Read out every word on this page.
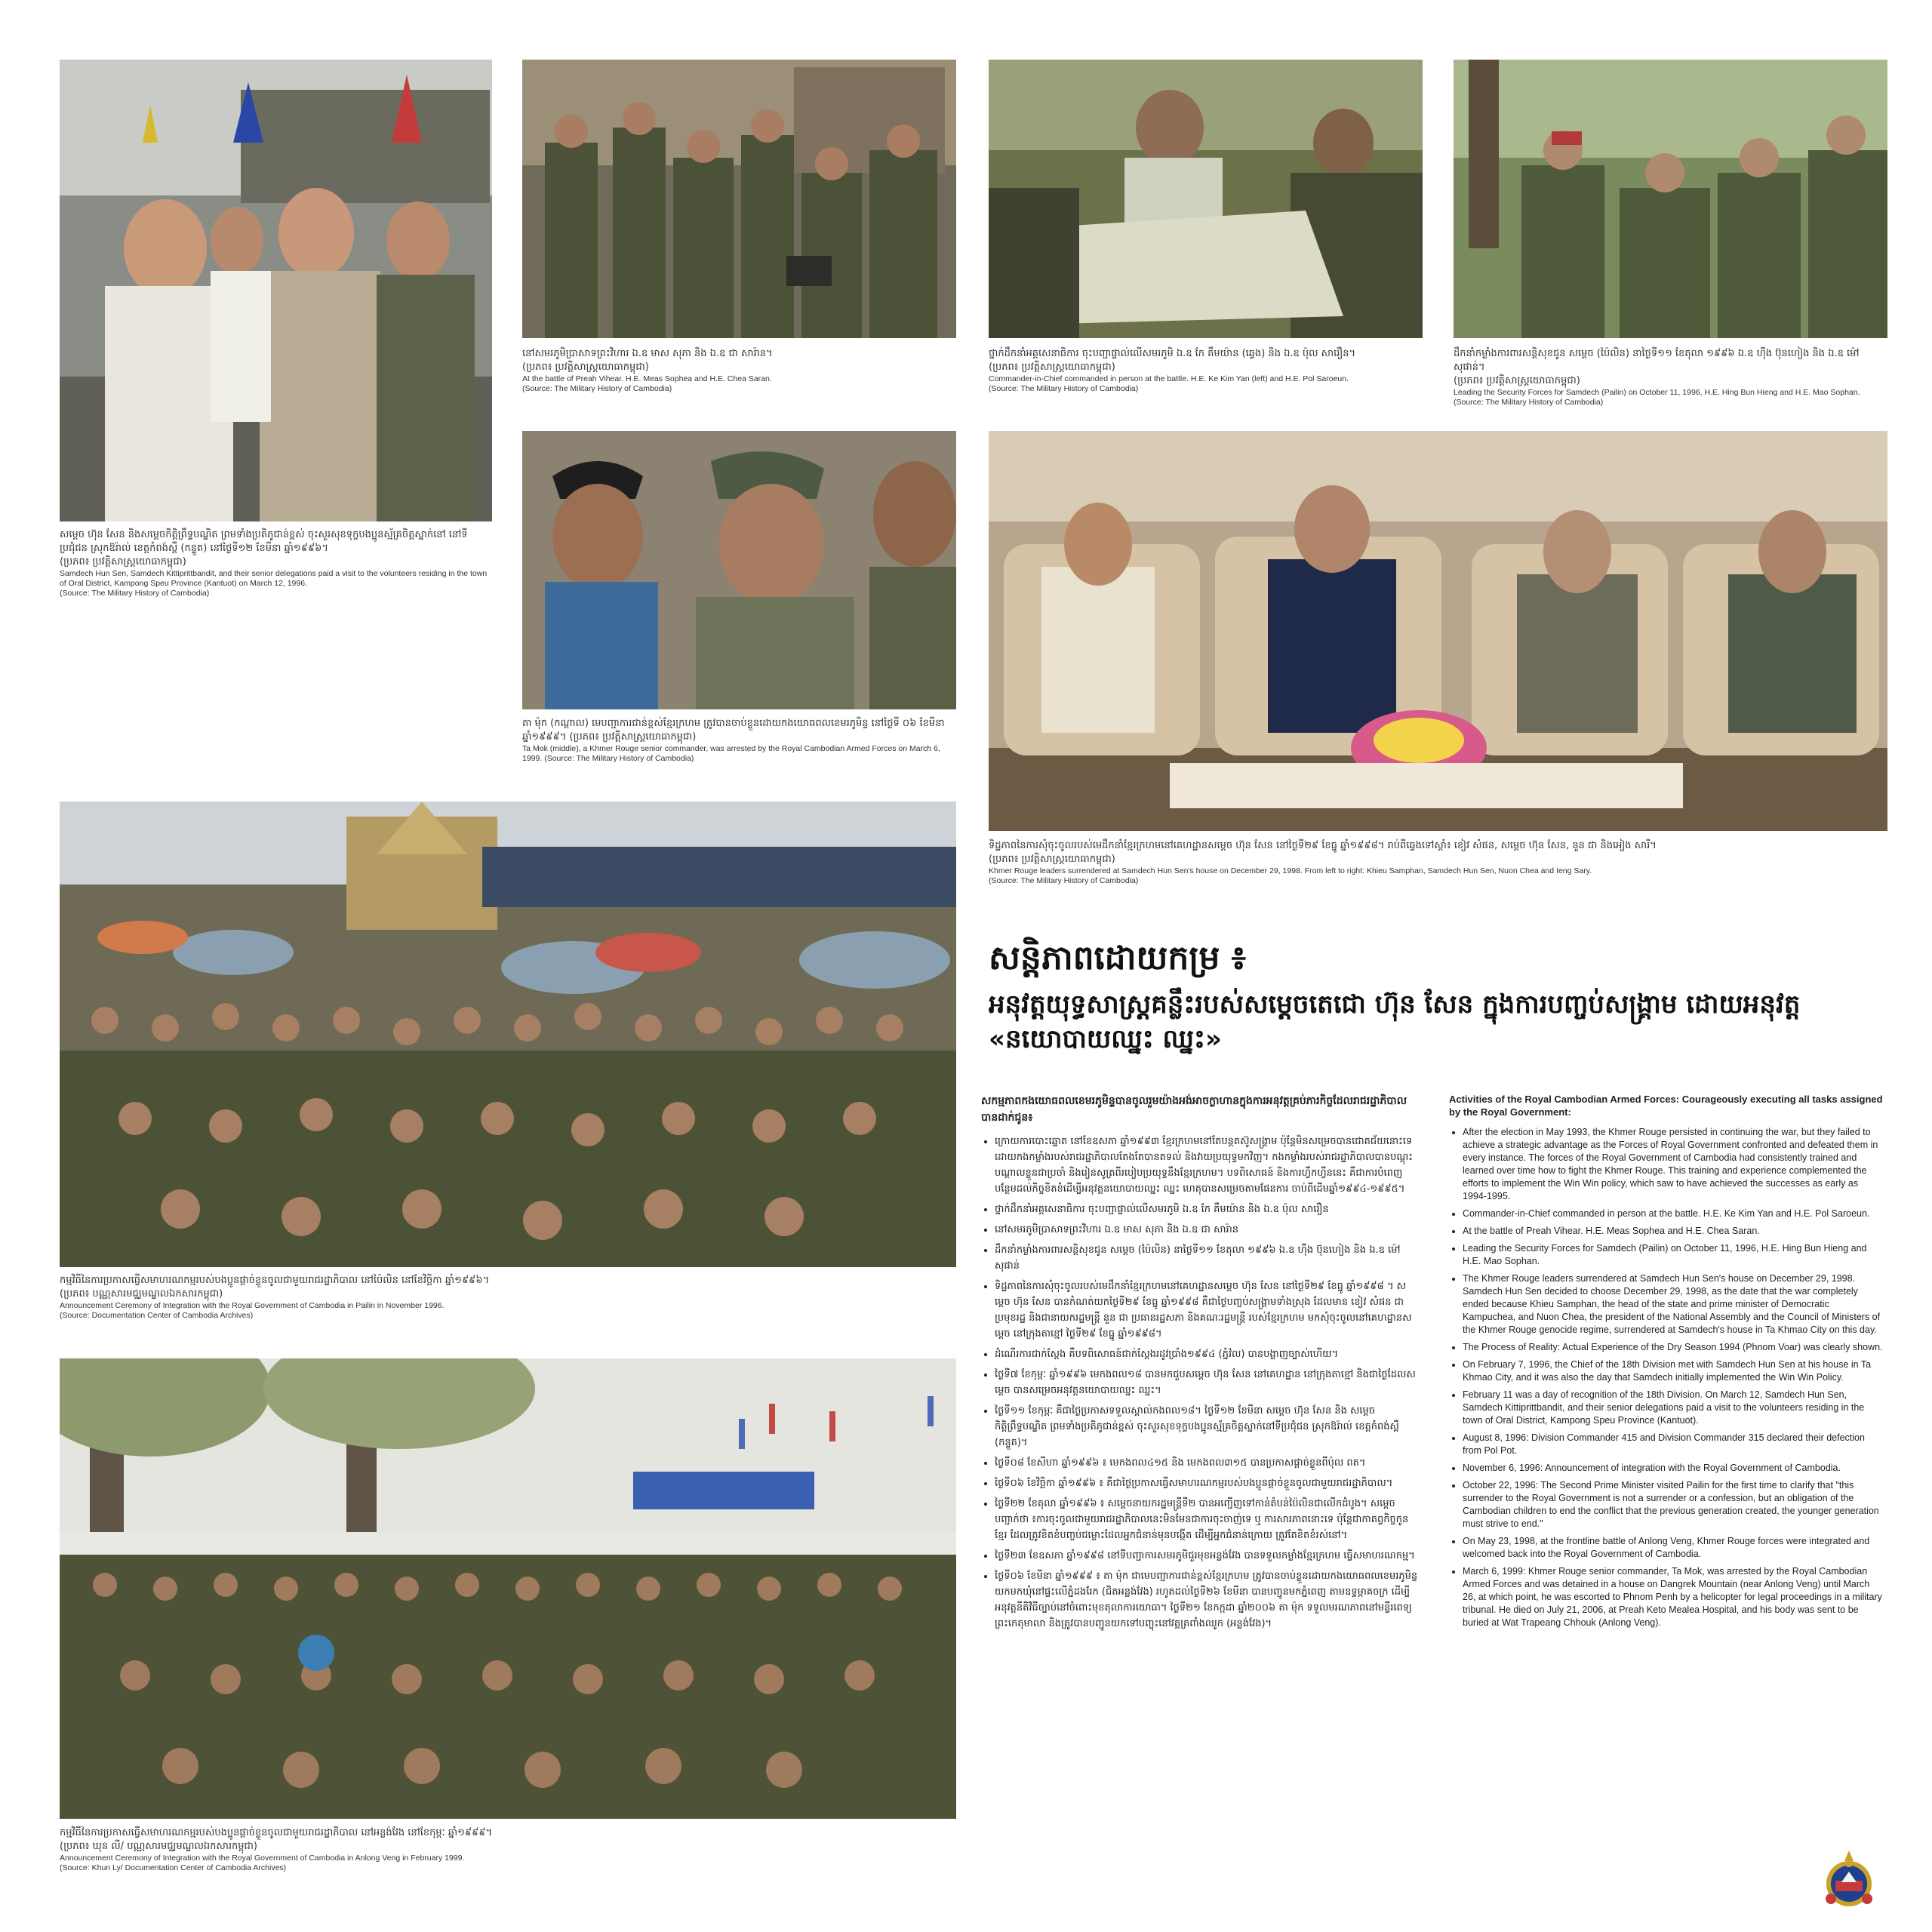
សម្តេច ហ៊ុន សែន និងសម្តេចកិត្តិព្រឹទ្ធបណ្ឌិត ព្រមទាំងប្រតិភូជាន់ខ្ពស់ ចុះសួរសុខទុក្ខបងប្អូនស្ម័គ្រចិត្តស្នាក់នៅ នៅទីប្រជុំជន ស្រុកឱរ៉ាល់ ខេត្តកំពង់ស្ពឺ (កន្ទួត) នៅថ្ងៃទី១២ ខែមីនា ឆ្នាំ១៩៩៦។
(ប្រភព៖ ប្រវត្តិសាស្ត្រយោធាកម្ពុជា)
Samdech Hun Sen, Samdech Kittiprittbandit, and their senior delegations paid a visit to the volunteers residing in the town of Oral District, Kampong Speu Province (Kantuot) on March 12, 1996.
(Source: The Military History of Cambodia)
នៅសមរភូមិប្រាសាទព្រះវិហារ ឯ.ឧ មាស សុភា និង ឯ.ឧ ជា សារ៉ាន។
(ប្រភព៖ ប្រវត្តិសាស្ត្រយោធាកម្ពុជា)
At the battle of Preah Vihear. H.E. Meas Sophea and H.E. Chea Saran.
(Source: The Military History of Cambodia)
ថ្នាក់ដឹកនាំអគ្គសេនាធិការ ចុះបញ្ជាផ្ទាល់លើសមរភូមិ ឯ.ឧ កែ គឹមយ៉ាន (ឆ្វេង) និង ឯ.ឧ ប៉ុល សារឿន។
(ប្រភព៖ ប្រវត្តិសាស្ត្រយោធាកម្ពុជា)
Commander-in-Chief commanded in person at the battle. H.E. Ke Kim Yan (left) and H.E. Pol Saroeun.
(Source: The Military History of Cambodia)
ដឹកនាំកម្លាំងការពារសន្តិសុខជូន សម្តេច (ប៉ៃលិន) នាថ្ងៃទី១១ ខែតុលា ១៩៩៦ ឯ.ឧ ហ៊ីង ប៊ុនហៀង និង ឯ.ឧ ម៉ៅ សុផាន់។
(ប្រភព៖ ប្រវត្តិសាស្ត្រយោធាកម្ពុជា)
Leading the Security Forces for Samdech (Pailin) on October 11, 1996, H.E. Hing Bun Hieng and H.E. Mao Sophan.
(Source: The Military History of Cambodia)
តា ម៉ុក (កណ្តាល) មេបញ្ជាការជាន់ខ្ពស់ខ្មែរក្រហម ត្រូវបានចាប់ខ្លួនដោយកងយោធពលខេមរភូមិន្ទ នៅថ្ងៃទី ០៦ ខែមីនា ឆ្នាំ១៩៩៩។ (ប្រភព៖ ប្រវត្តិសាស្ត្រយោធាកម្ពុជា)
Ta Mok (middle), a Khmer Rouge senior commander, was arrested by the Royal Cambodian Armed Forces on March 6, 1999. (Source: The Military History of Cambodia)
ទិដ្ឋភាពនៃការសុំចុះចូលរបស់មេដឹកនាំខ្មែរក្រហមនៅគេហដ្ឋានសម្តេច ហ៊ុន សែន នៅថ្ងៃទី២៩ ខែធ្នូ ឆ្នាំ១៩៩៨។ រាប់ពីឆ្វេងទៅស្តាំ៖ ខៀវ សំផន, សម្តេច ហ៊ុន សែន, នួន ជា និងអៀង សារី។
(ប្រភព៖ ប្រវត្តិសាស្ត្រយោធាកម្ពុជា)
Khmer Rouge leaders surrendered at Samdech Hun Sen's house on December 29, 1998. From left to right: Khieu Samphan, Samdech Hun Sen, Nuon Chea and Ieng Sary.
(Source: The Military History of Cambodia)
កម្មវិធីនៃការប្រកាសធ្វើសមាហរណកម្មរបស់បងប្អូនផ្តាច់ខ្លួនចូលជាមួយរាជរដ្ឋាភិបាល នៅប៉ៃលិន នៅខែវិច្ឆិកា ឆ្នាំ១៩៩៦។
(ប្រភព៖ បណ្ណសារមជ្ឈមណ្ឌលឯកសារកម្ពុជា)
Announcement Ceremony of Integration with the Royal Government of Cambodia in Pailin in November 1996.
(Source: Documentation Center of Cambodia Archives)
កម្មវិធីនៃការប្រកាសធ្វើសមាហរណកម្មរបស់បងប្អូនផ្តាច់ខ្លួនចូលជាមួយរាជរដ្ឋាភិបាល នៅអន្លង់វែង នៅខែកុម្ភៈ ឆ្នាំ១៩៩៩។
(ប្រភព៖ ឃុន លី/ បណ្ណសារមជ្ឈមណ្ឌលឯកសារកម្ពុជា)
Announcement Ceremony of Integration with the Royal Government of Cambodia in Anlong Veng in February 1999.
(Source: Khun Ly/ Documentation Center of Cambodia Archives)
សន្តិភាពដោយកម្រ ៖
អនុវត្តយុទ្ធសាស្ត្រគន្លឹះរបស់សម្តេចតេជោ ហ៊ុន សែន ក្នុងការបញ្ចប់សង្គ្រាម ដោយអនុវត្ត «នយោបាយឈ្នះ ឈ្នះ»
សកម្មភាពកងយោធពលខេមរភូមិន្ទបានចូលរួមយ៉ាងអង់អាចក្លាហានក្នុងការអនុវត្តគ្រប់ភារកិច្ចដែលរាជរដ្ឋាភិបាលបានដាក់ជូន៖
• ក្រោយការបោះឆ្នោត នៅខែឧសភា ឆ្នាំ១៩៩៣ ខ្មែរក្រហមនៅតែបន្តតស៊ូសង្គ្រាម ប៉ុន្តែមិនសម្រេចបានជោគជ័យនោះទេ ដោយកងកម្លាំងរបស់រាជរដ្ឋាភិបាលតែងតែបានតទល់ និងវាយប្រយុទ្ធមកវិញ។ កងកម្លាំងរបស់រាជរដ្ឋាភិបាលបានបណ្តុះបណ្តាលខ្លួនជាប្រចាំ និងរៀនសូត្រពីរបៀបប្រយុទ្ធនឹងខ្មែរក្រហម។ បទពិសោធន៍ និងការហ្វឹកហ្វឺននេះ គឺជាការបំពេញបន្ថែមដល់កិច្ចខិតខំដើម្បីអនុវត្តនយោបាយឈ្នះ ឈ្នះ ហេតុបានសម្រេចតាមផែនការ ចាប់ពីដើមឆ្នាំ១៩៩៤-១៩៩៥។
• ថ្នាក់ដឹកនាំអគ្គសេនាធិការ ចុះបញ្ជាផ្ទាល់លើសមរភូមិ ឯ.ឧ កែ គឹមយ៉ាន និង ឯ.ឧ ប៉ុល សារឿន
• នៅសមរភូមិប្រាសាទព្រះវិហារ ឯ.ឧ មាស សុភា និង ឯ.ឧ ជា សារ៉ាន
• ដឹកនាំកម្លាំងការពារសន្តិសុខជូន សម្តេច (ប៉ៃលិន) នាថ្ងៃទី១១ ខែតុលា ១៩៩៦ ឯ.ឧ ហ៊ីង ប៊ុនហៀង និង ឯ.ឧ ម៉ៅ សុផាន់
• ទិដ្ឋភាពនៃការសុំចុះចូលរបស់មេដឹកនាំខ្មែរក្រហមនៅគេហដ្ឋានសម្តេច ហ៊ុន សែន នៅថ្ងៃទី២៩ ខែធ្នូ ឆ្នាំ១៩៩៨ ។ សម្តេច ហ៊ុន សែន បានកំណត់យកថ្ងៃទី២៩ ខែធ្នូ ឆ្នាំ១៩៩៨ គឺជាថ្ងៃបញ្ចប់សង្គ្រាមទាំងស្រុង ដែលមាន ខៀវ សំផន ជាប្រមុខរដ្ឋ និងជានាយករដ្ឋមន្ត្រី នួន ជា ប្រធានរដ្ឋសភា និងគណៈរដ្ឋមន្ត្រី របស់ខ្មែរក្រហម មកសុំចុះចូលនៅគេហដ្ឋានសម្តេច នៅក្រុងតាខ្មៅ ថ្ងៃទី២៩ ខែធ្នូ ឆ្នាំ១៩៩៨។
• ដំណើរការជាក់ស្តែង គឺបទពិសោធន៍ជាក់ស្តែងរដូវប្រាំង១៩៩៤ (ភ្នំវ៉ល) បានបង្ហាញច្បាស់ហើយ។
• ថ្ងៃទី៧ ខែកុម្ភៈ ឆ្នាំ១៩៩៦ មេកងពល១៨ បានមកជួបសម្តេច ហ៊ុន សែន នៅគេហដ្ឋាន នៅក្រុងតាខ្មៅ និងជាថ្ងៃដែលសម្តេច បានសម្រេចអនុវត្តនយោបាយឈ្នះ ឈ្នះ។
• ថ្ងៃទី១១ ខែកុម្ភៈ គឺជាថ្ងៃប្រកាសទទួលស្គាល់កងពល១៨។ ថ្ងៃទី១២ ខែមីនា សម្តេច ហ៊ុន សែន និង សម្តេចកិត្តិព្រឹទ្ធបណ្ឌិត ព្រមទាំងប្រតិភូជាន់ខ្ពស់ ចុះសួរសុខទុក្ខបងប្អូនស្ម័គ្រចិត្តស្នាក់នៅទីប្រជុំជន ស្រុកឱរ៉ាល់ ខេត្តកំពង់ស្ពឺ (កន្ទួត)។
• ថ្ងៃទី០៨ ខែសីហា ឆ្នាំ១៩៩៦ ៖ មេកងពល៤១៥ និង មេកងពល៣១៥ បានប្រកាសផ្តាច់ខ្លួនពីប៉ុល ពត។
• ថ្ងៃទី០៦ ខែវិច្ឆិកា ឆ្នាំ១៩៩៦ ៖ គឺជាថ្ងៃប្រកាសធ្វើសមាហរណកម្មរបស់បងប្អូនផ្តាច់ខ្លួនចូលជាមួយរាជរដ្ឋាភិបាល។
• ថ្ងៃទី២២ ខែតុលា ឆ្នាំ១៩៩៦ ៖ សម្តេចនាយករដ្ឋមន្ត្រីទី២ បានអញ្ជើញទៅកាន់តំបន់ប៉ៃលិនជាលើកដំបូង។ សម្តេច បញ្ជាក់ថា ៖ការចុះចូលជាមួយរាជរដ្ឋាភិបាលនេះមិនមែនជាការចុះចាញ់ទេ ឬ ការសារភាពនោះទេ ប៉ុន្តែជាកាតព្វកិច្ចកូនខ្មែរ ដែលត្រូវខិតខំបញ្ចប់ជម្លោះដែលអ្នកជំនាន់មុនបង្កើត ដើម្បីអ្នកជំនាន់ក្រោយ ត្រូវតែខិតខំរស់នៅ។
• ថ្ងៃទី២៣ ខែឧសភា ឆ្នាំ១៩៩៨ នៅទីបញ្ជាការសមរភូមិជួរមុខអន្លង់វែង បានទទួលកម្លាំងខ្មែរក្រហម ធ្វើសមាហរណកម្ម។
• ថ្ងៃទី០៦ ខែមីនា ឆ្នាំ១៩៩៩ ៖ តា ម៉ុក ជាមេបញ្ជាការជាន់ខ្ពស់ខ្មែរក្រហម ត្រូវបានចាប់ខ្លួនដោយកងយោធពលខេមរភូមិន្ទ យកមកឃុំនៅផ្ទះលើភ្នំដងរែក (ជិតអន្លង់វែង) រហូតដល់ថ្ងៃទី២៦ ខែមីនា បានបញ្ជូនមកភ្នំពេញ តាមឧទ្ធម្ភាគចក្រ ដើម្បីអនុវត្តនីតិវិធីច្បាប់នៅចំពោះមុខតុលាការយោធា។ ថ្ងៃទី២១ ខែកក្កដា ឆ្នាំ២០០៦ តា ម៉ុក ទទួលមរណភាពនៅមន្ទីរពេទ្យព្រះកេតុមាលា និងត្រូវបានបញ្ជូនយកទៅបញ្ចុះនៅវត្តត្រពាំងឈូក (អន្លង់វែង)។
Activities of the Royal Cambodian Armed Forces: Courageously executing all tasks assigned by the Royal Government:
• After the election in May 1993, the Khmer Rouge persisted in continuing the war, but they failed to achieve a strategic advantage as the Forces of Royal Government confronted and defeated them in every instance. The forces of the Royal Government of Cambodia had consistently trained and learned over time how to fight the Khmer Rouge. This training and experience complemented the efforts to implement the Win Win policy, which saw to have achieved the successes as early as 1994-1995.
• Commander-in-Chief commanded in person at the battle. H.E. Ke Kim Yan and H.E. Pol Saroeun.
• At the battle of Preah Vihear. H.E. Meas Sophea and H.E. Chea Saran.
• Leading the Security Forces for Samdech (Pailin) on October 11, 1996, H.E. Hing Bun Hieng and H.E. Mao Sophan.
• The Khmer Rouge leaders surrendered at Samdech Hun Sen's house on December 29, 1998. Samdech Hun Sen decided to choose December 29, 1998, as the date that the war completely ended because Khieu Samphan, the head of the state and prime minister of Democratic Kampuchea, and Nuon Chea, the president of the National Assembly and the Council of Ministers of the Khmer Rouge genocide regime, surrendered at Samdech's house in Ta Khmao City on this day.
• The Process of Reality: Actual Experience of the Dry Season 1994 (Phnom Voar) was clearly shown.
• On February 7, 1996, the Chief of the 18th Division met with Samdech Hun Sen at his house in Ta Khmao City, and it was also the day that Samdech initially implemented the Win Win Policy.
• February 11 was a day of recognition of the 18th Division. On March 12, Samdech Hun Sen, Samdech Kittiprittbandit, and their senior delegations paid a visit to the volunteers residing in the town of Oral District, Kampong Speu Province (Kantuot).
• August 8, 1996: Division Commander 415 and Division Commander 315 declared their defection from Pol Pot.
• November 6, 1996: Announcement of integration with the Royal Government of Cambodia.
• October 22, 1996: The Second Prime Minister visited Pailin for the first time to clarify that "this surrender to the Royal Government is not a surrender or a confession, but an obligation of the Cambodian children to end the conflict that the previous generation created, the younger generation must strive to end."
• On May 23, 1998, at the frontline battle of Anlong Veng, Khmer Rouge forces were integrated and welcomed back into the Royal Government of Cambodia.
• March 6, 1999: Khmer Rouge senior commander, Ta Mok, was arrested by the Royal Cambodian Armed Forces and was detained in a house on Dangrek Mountain (near Anlong Veng) until March 26, at which point, he was escorted to Phnom Penh by a helicopter for legal proceedings in a military tribunal. He died on July 21, 2006, at Preah Keto Mealea Hospital, and his body was sent to be buried at Wat Trapeang Chhouk (Anlong Veng).
